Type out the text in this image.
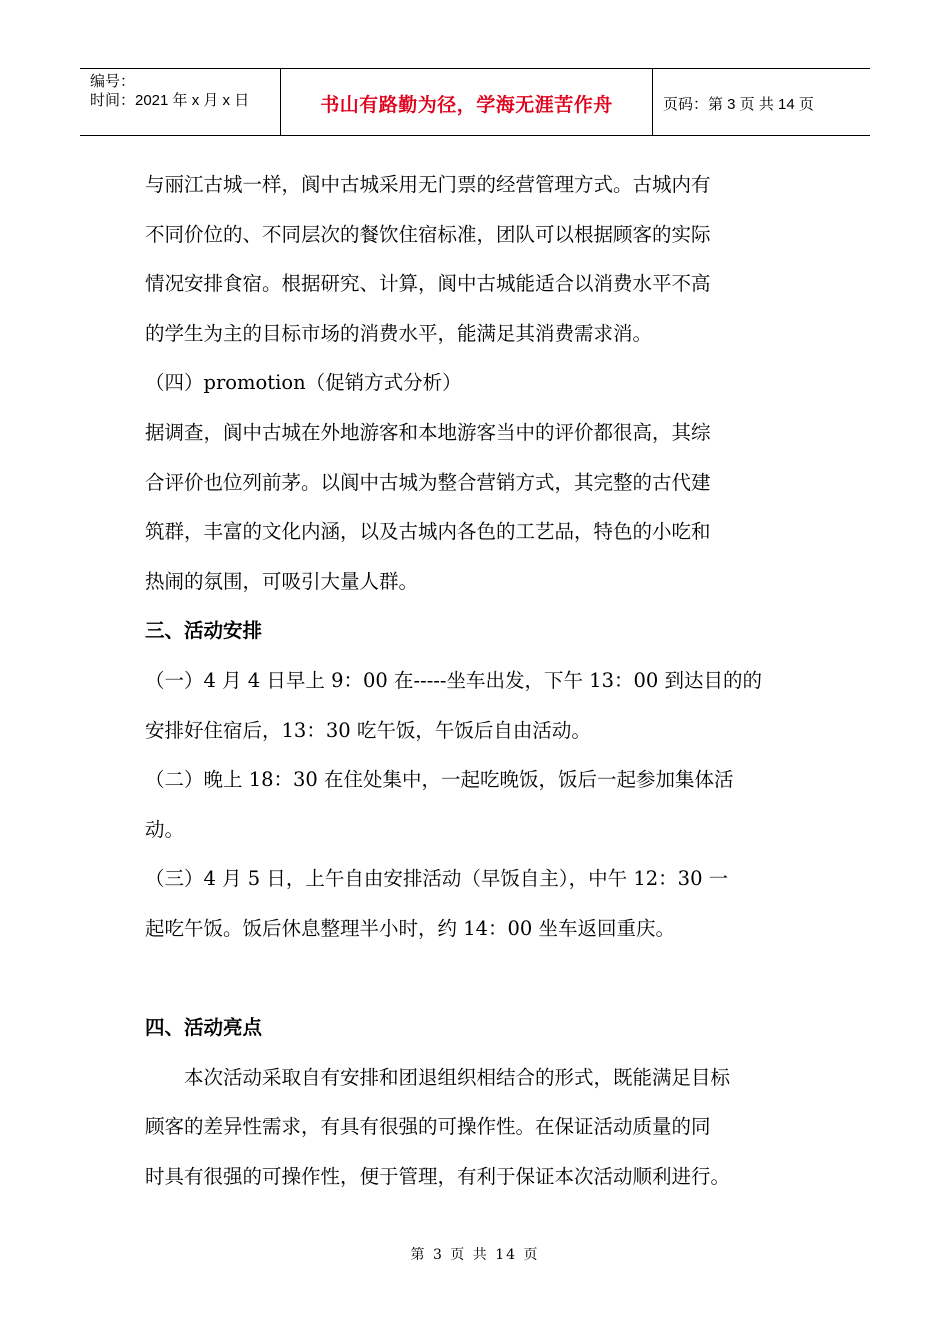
编号：
时间：2021 年 x 月 x 日	书山有路勤为径，学海无涯苦作舟	页码：第 3 页 共 14 页

与丽江古城一样，阆中古城采用无门票的经营管理方式。古城内有

不同价位的、不同层次的餐饮住宿标准，团队可以根据顾客的实际

情况安排食宿。根据研究、计算，阆中古城能适合以消费水平不高

的学生为主的目标市场的消费水平，能满足其消费需求消。

（四）promotion（促销方式分析）

据调查，阆中古城在外地游客和本地游客当中的评价都很高，其综

合评价也位列前茅。以阆中古城为整合营销方式，其完整的古代建

筑群，丰富的文化内涵，以及古城内各色的工艺品，特色的小吃和

热闹的氛围，可吸引大量人群。

三、活动安排

（一）4 月 4 日早上 9：00 在-----坐车出发，下午 13：00 到达目的的

安排好住宿后，13：30 吃午饭，午饭后自由活动。

（二）晚上 18：30 在住处集中，一起吃晚饭，饭后一起参加集体活

动。

（三）4 月 5 日，上午自由安排活动（早饭自主），中午 12：30 一

起吃午饭。饭后休息整理半小时，约 14：00 坐车返回重庆。

四、活动亮点

本次活动采取自有安排和团退组织相结合的形式，既能满足目标

顾客的差异性需求，有具有很强的可操作性。在保证活动质量的同

时具有很强的可操作性，便于管理，有利于保证本次活动顺利进行。

第 3 页 共 14 页
